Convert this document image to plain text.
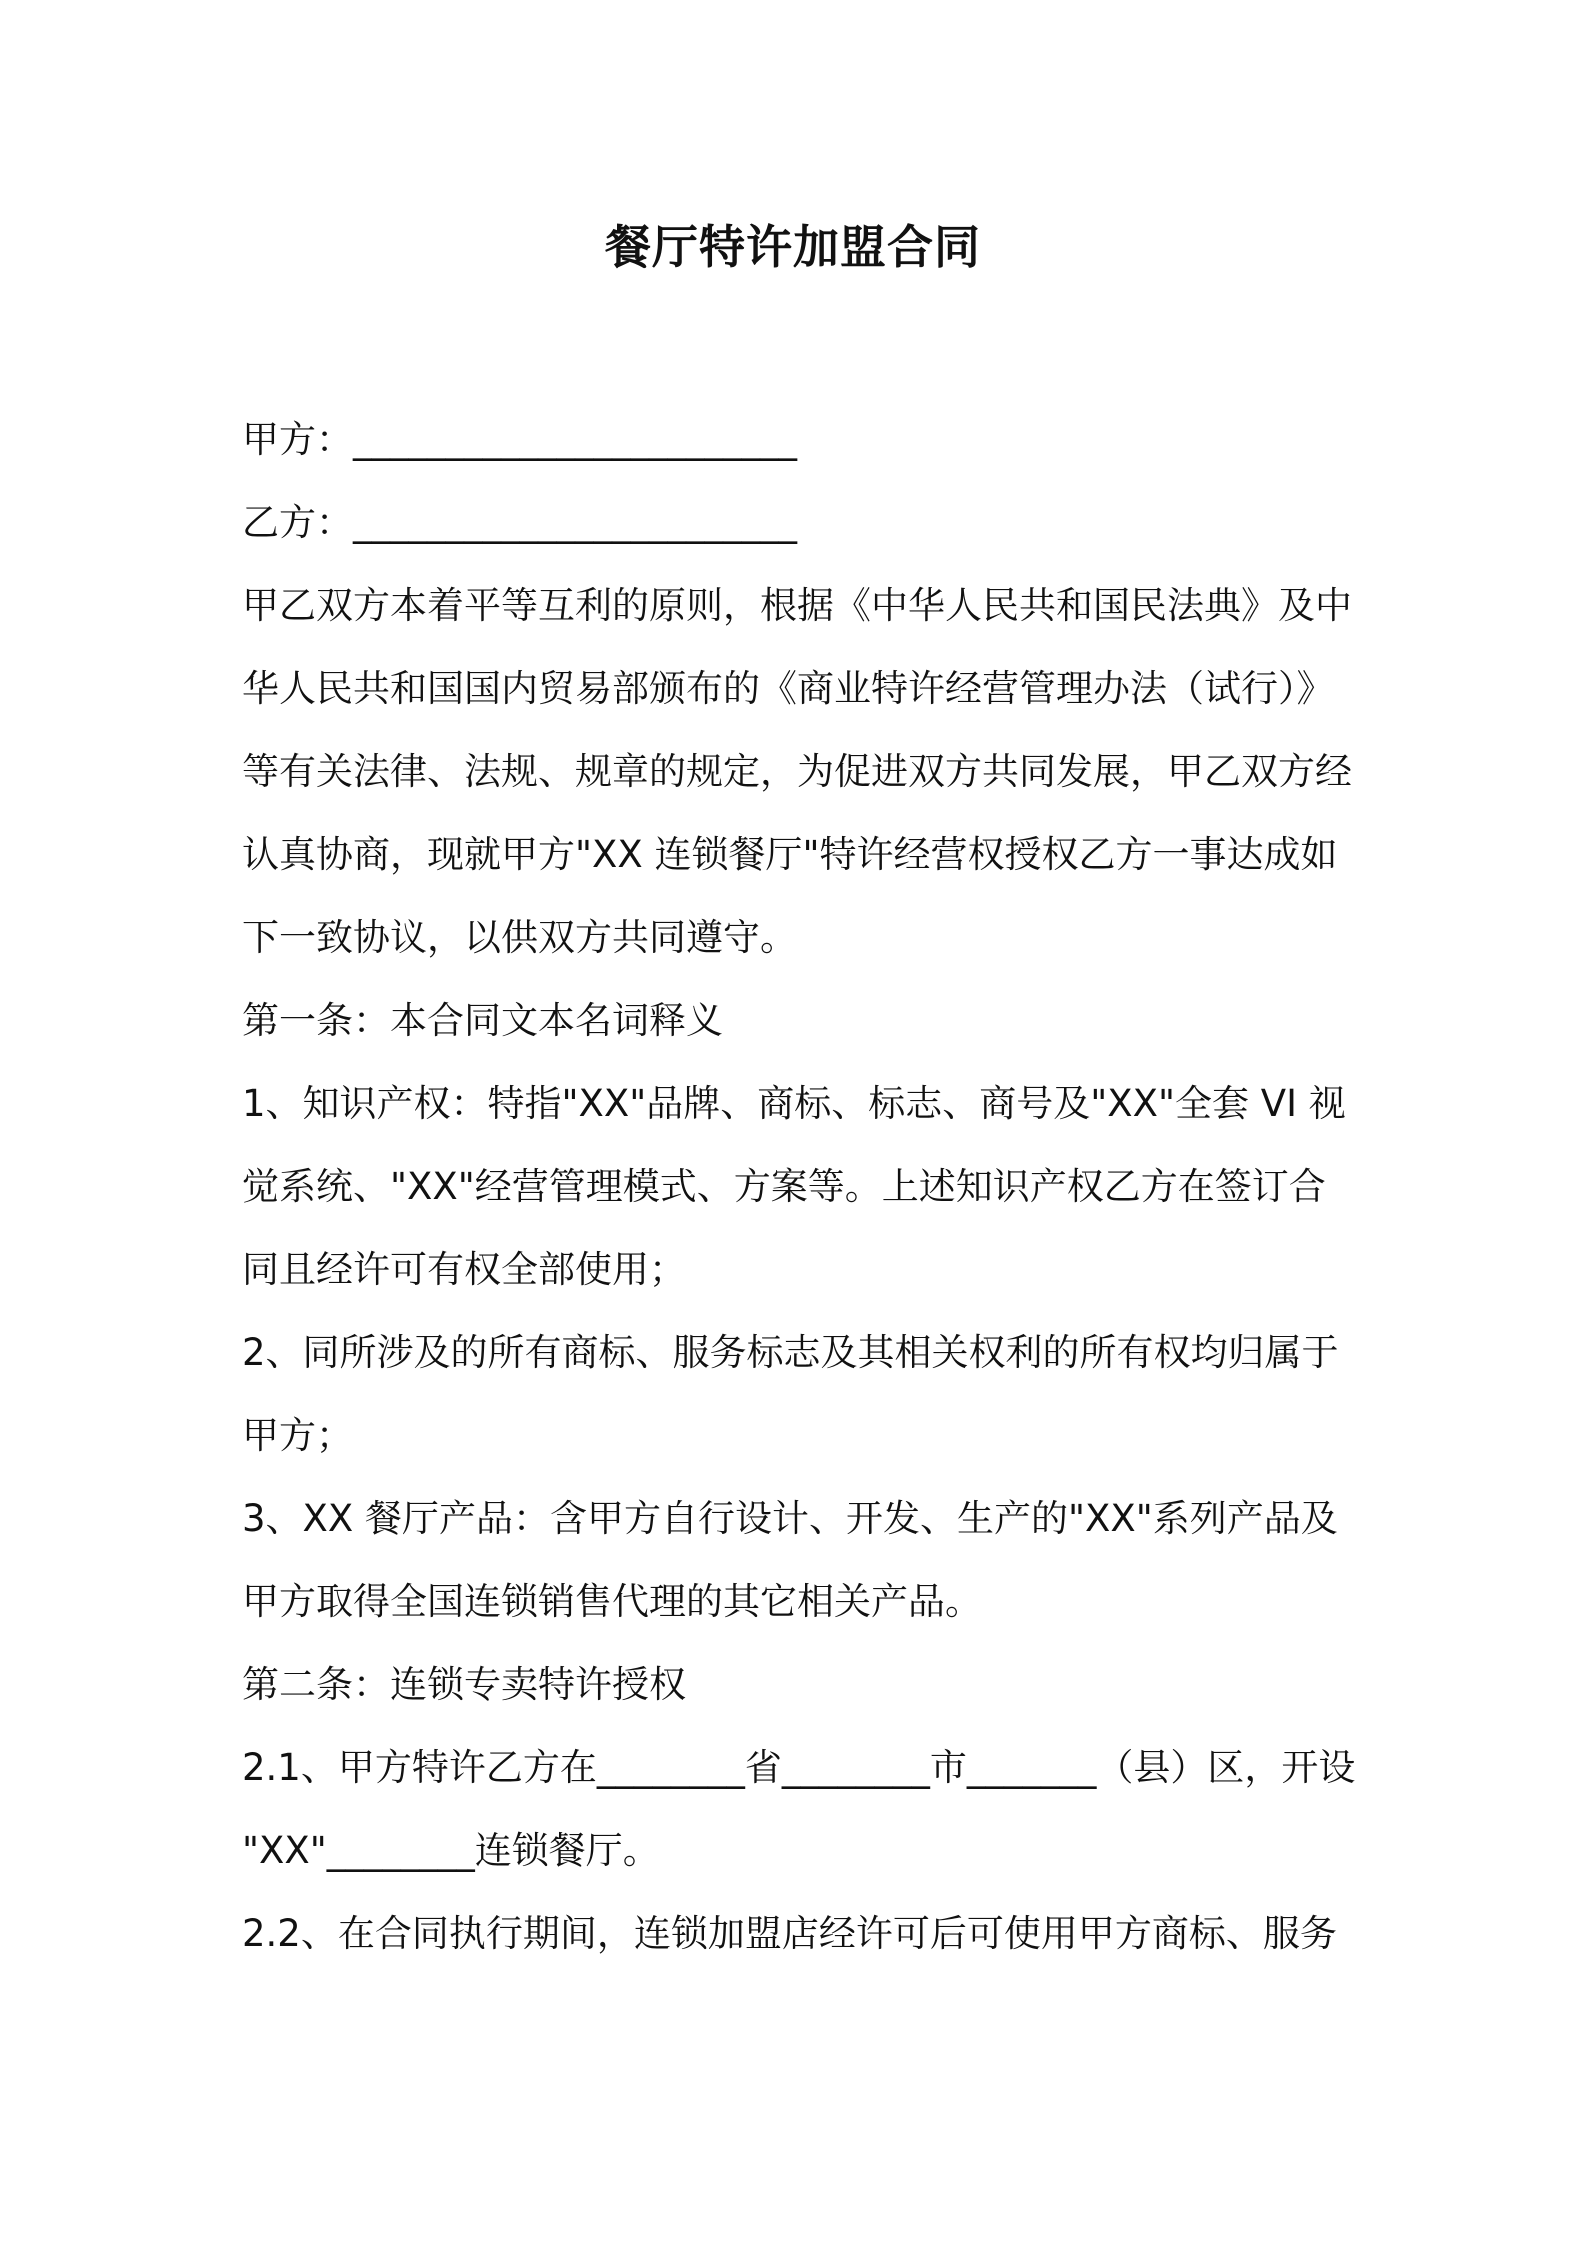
餐厅特许加盟合同
甲方：________________________
乙方：________________________
甲乙双方本着平等互利的原则，根据《中华人民共和国民法典》及中
华人民共和国国内贸易部颁布的《商业特许经营管理办法（试行）》
等有关法律、法规、规章的规定，为促进双方共同发展，甲乙双方经
认真协商，现就甲方"XX 连锁餐厅"特许经营权授权乙方一事达成如
下一致协议，以供双方共同遵守。
第一条：本合同文本名词释义
1、知识产权：特指"XX"品牌、商标、标志、商号及"XX"全套 VI 视
觉系统、"XX"经营管理模式、方案等。上述知识产权乙方在签订合
同且经许可有权全部使用；
2、同所涉及的所有商标、服务标志及其相关权利的所有权均归属于
甲方；
3、XX 餐厅产品：含甲方自行设计、开发、生产的"XX"系列产品及
甲方取得全国连锁销售代理的其它相关产品。
第二条：连锁专卖特许授权
2.1、甲方特许乙方在________省________市_______（县）区，开设
"XX"________连锁餐厅。
2.2、在合同执行期间，连锁加盟店经许可后可使用甲方商标、服务
